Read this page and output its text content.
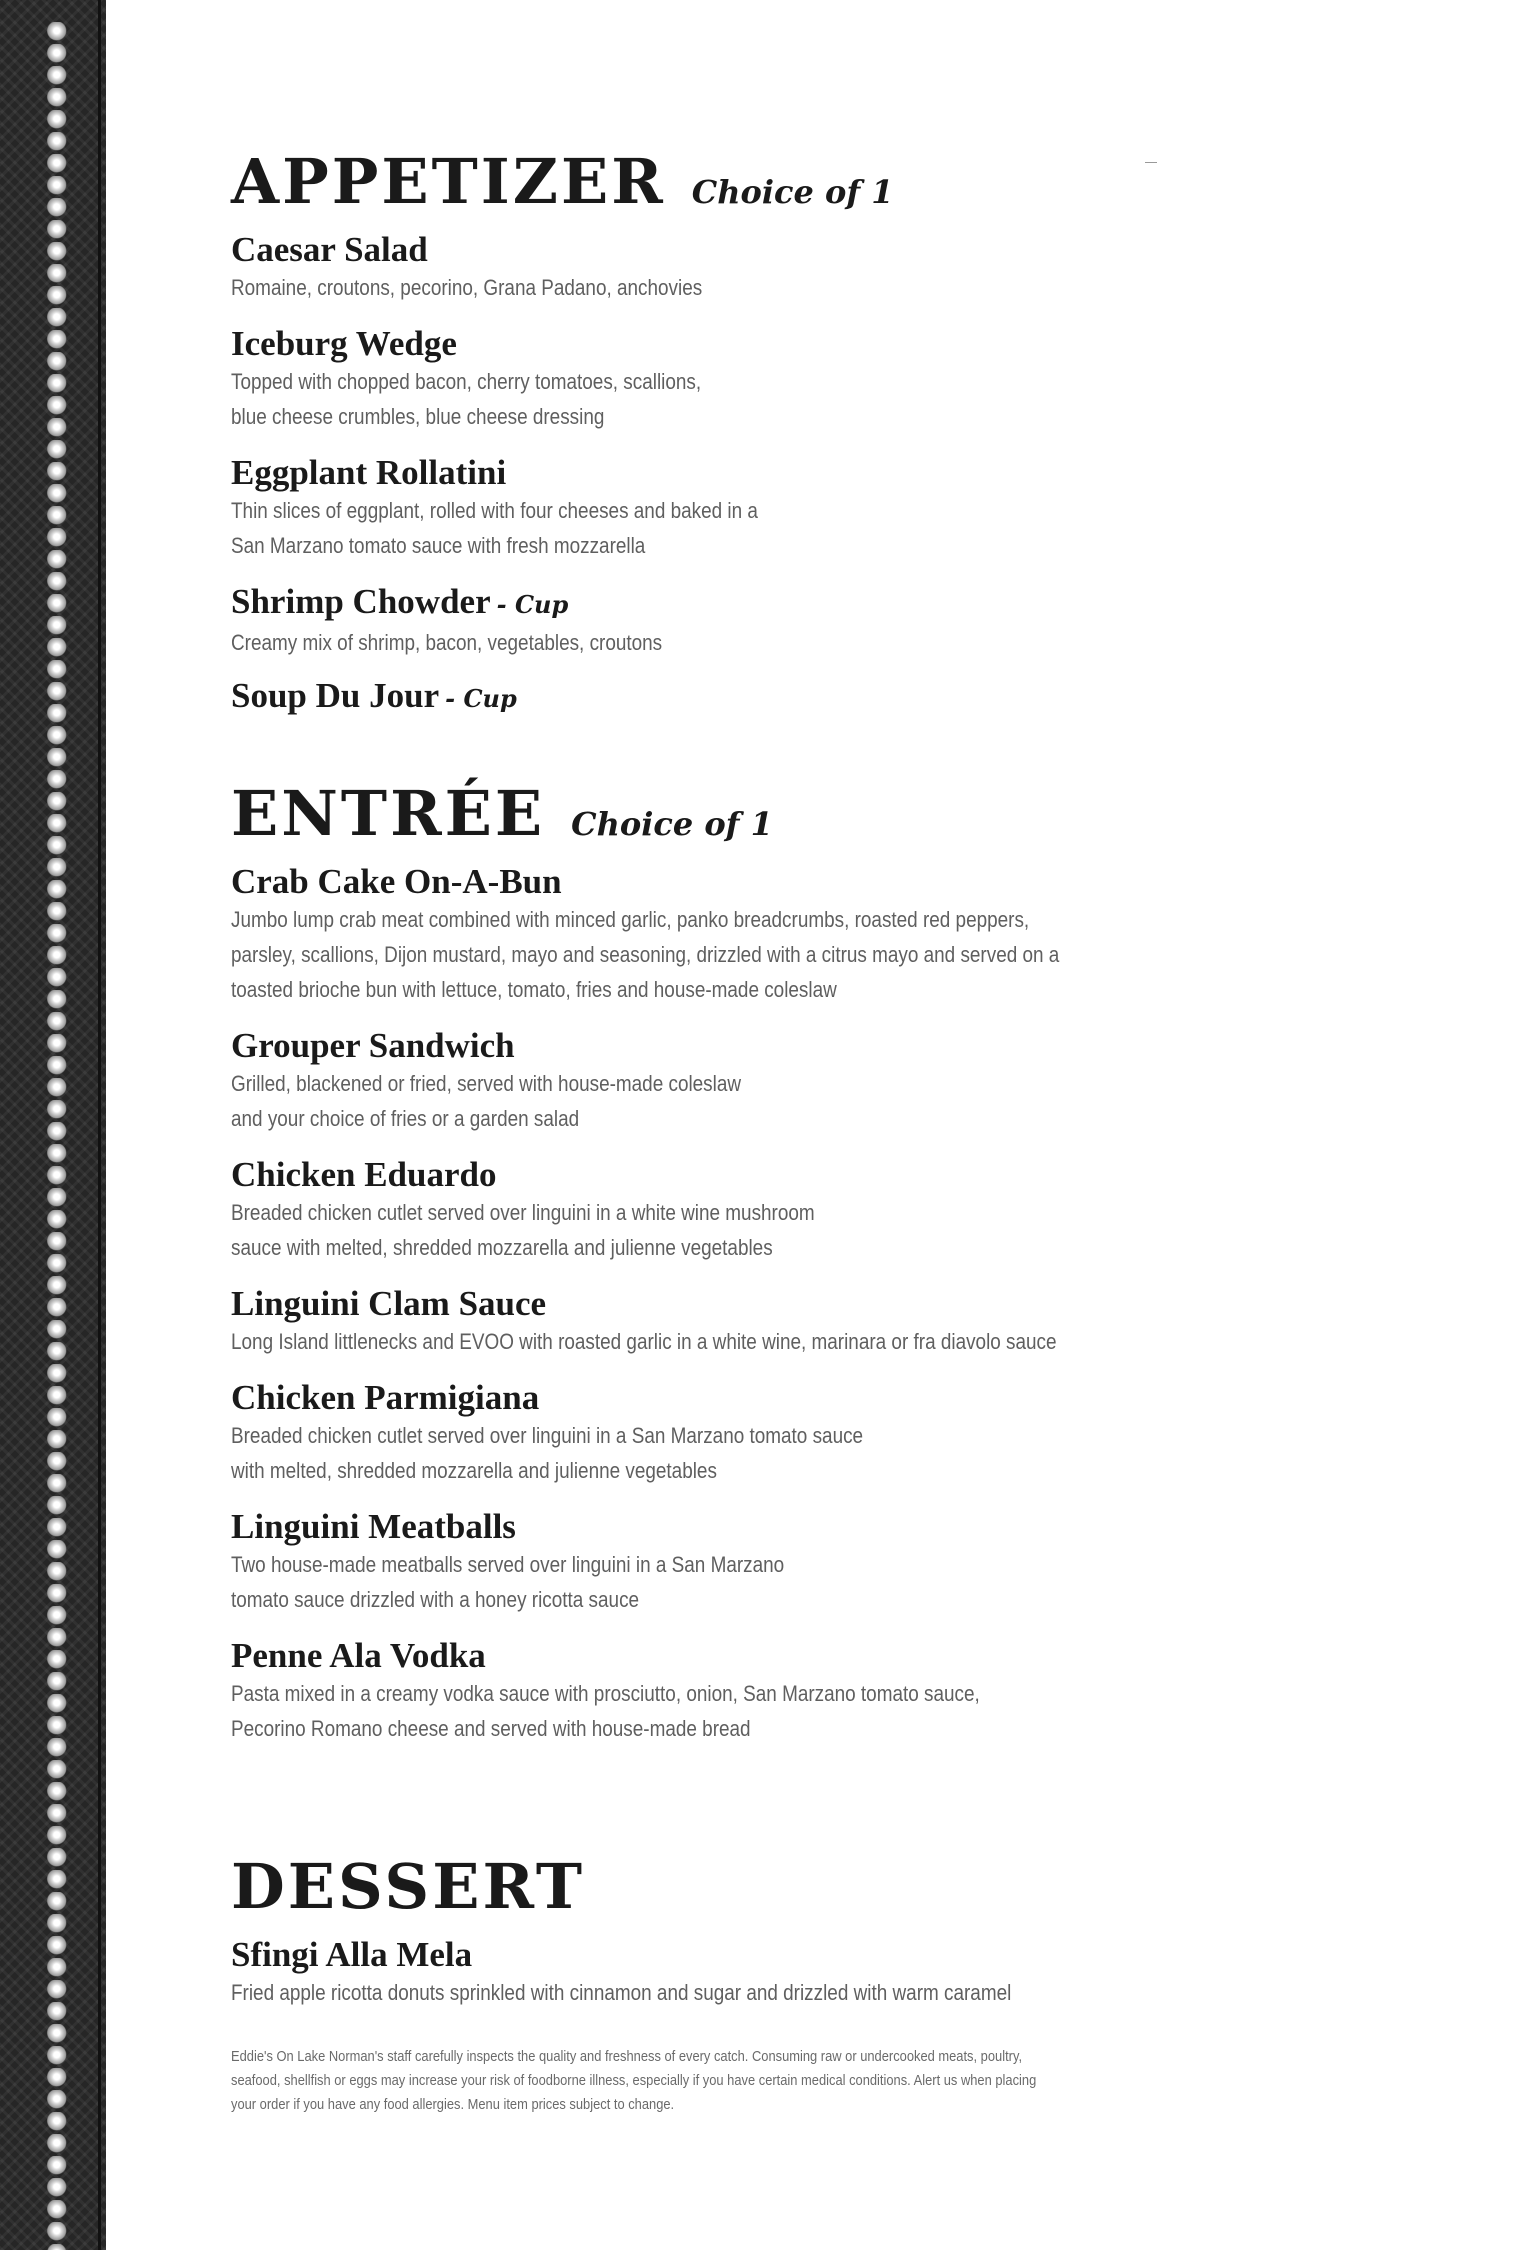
APPETIZER Choice of 1
Caesar Salad
Romaine, croutons, pecorino, Grana Padano, anchovies
Iceburg Wedge
Topped with chopped bacon, cherry tomatoes, scallions,
blue cheese crumbles, blue cheese dressing
Eggplant Rollatini
Thin slices of eggplant, rolled with four cheeses and baked in a
San Marzano tomato sauce with fresh mozzarella
Shrimp Chowder - Cup
Creamy mix of shrimp, bacon, vegetables, croutons
Soup Du Jour - Cup
ENTRÉE Choice of 1
Crab Cake On-A-Bun
Jumbo lump crab meat combined with minced garlic, panko breadcrumbs, roasted red peppers,
parsley, scallions, Dijon mustard, mayo and seasoning, drizzled with a citrus mayo and served on a
toasted brioche bun with lettuce, tomato, fries and house-made coleslaw
Grouper Sandwich
Grilled, blackened or fried, served with house-made coleslaw
and your choice of fries or a garden salad
Chicken Eduardo
Breaded chicken cutlet served over linguini in a white wine mushroom
sauce with melted, shredded mozzarella and julienne vegetables
Linguini Clam Sauce
Long Island littlenecks and EVOO with roasted garlic in a white wine, marinara or fra diavolo sauce
Chicken Parmigiana
Breaded chicken cutlet served over linguini in a San Marzano tomato sauce
with melted, shredded mozzarella and julienne vegetables
Linguini Meatballs
Two house-made meatballs served over linguini in a San Marzano
tomato sauce drizzled with a honey ricotta sauce
Penne Ala Vodka
Pasta mixed in a creamy vodka sauce with prosciutto, onion, San Marzano tomato sauce,
Pecorino Romano cheese and served with house-made bread
DESSERT
Sfingi Alla Mela
Fried apple ricotta donuts sprinkled with cinnamon and sugar and drizzled with warm caramel
Eddie's On Lake Norman's staff carefully inspects the quality and freshness of every catch. Consuming raw or undercooked meats, poultry,
seafood, shellfish or eggs may increase your risk of foodborne illness, especially if you have certain medical conditions. Alert us when placing
your order if you have any food allergies. Menu item prices subject to change.
